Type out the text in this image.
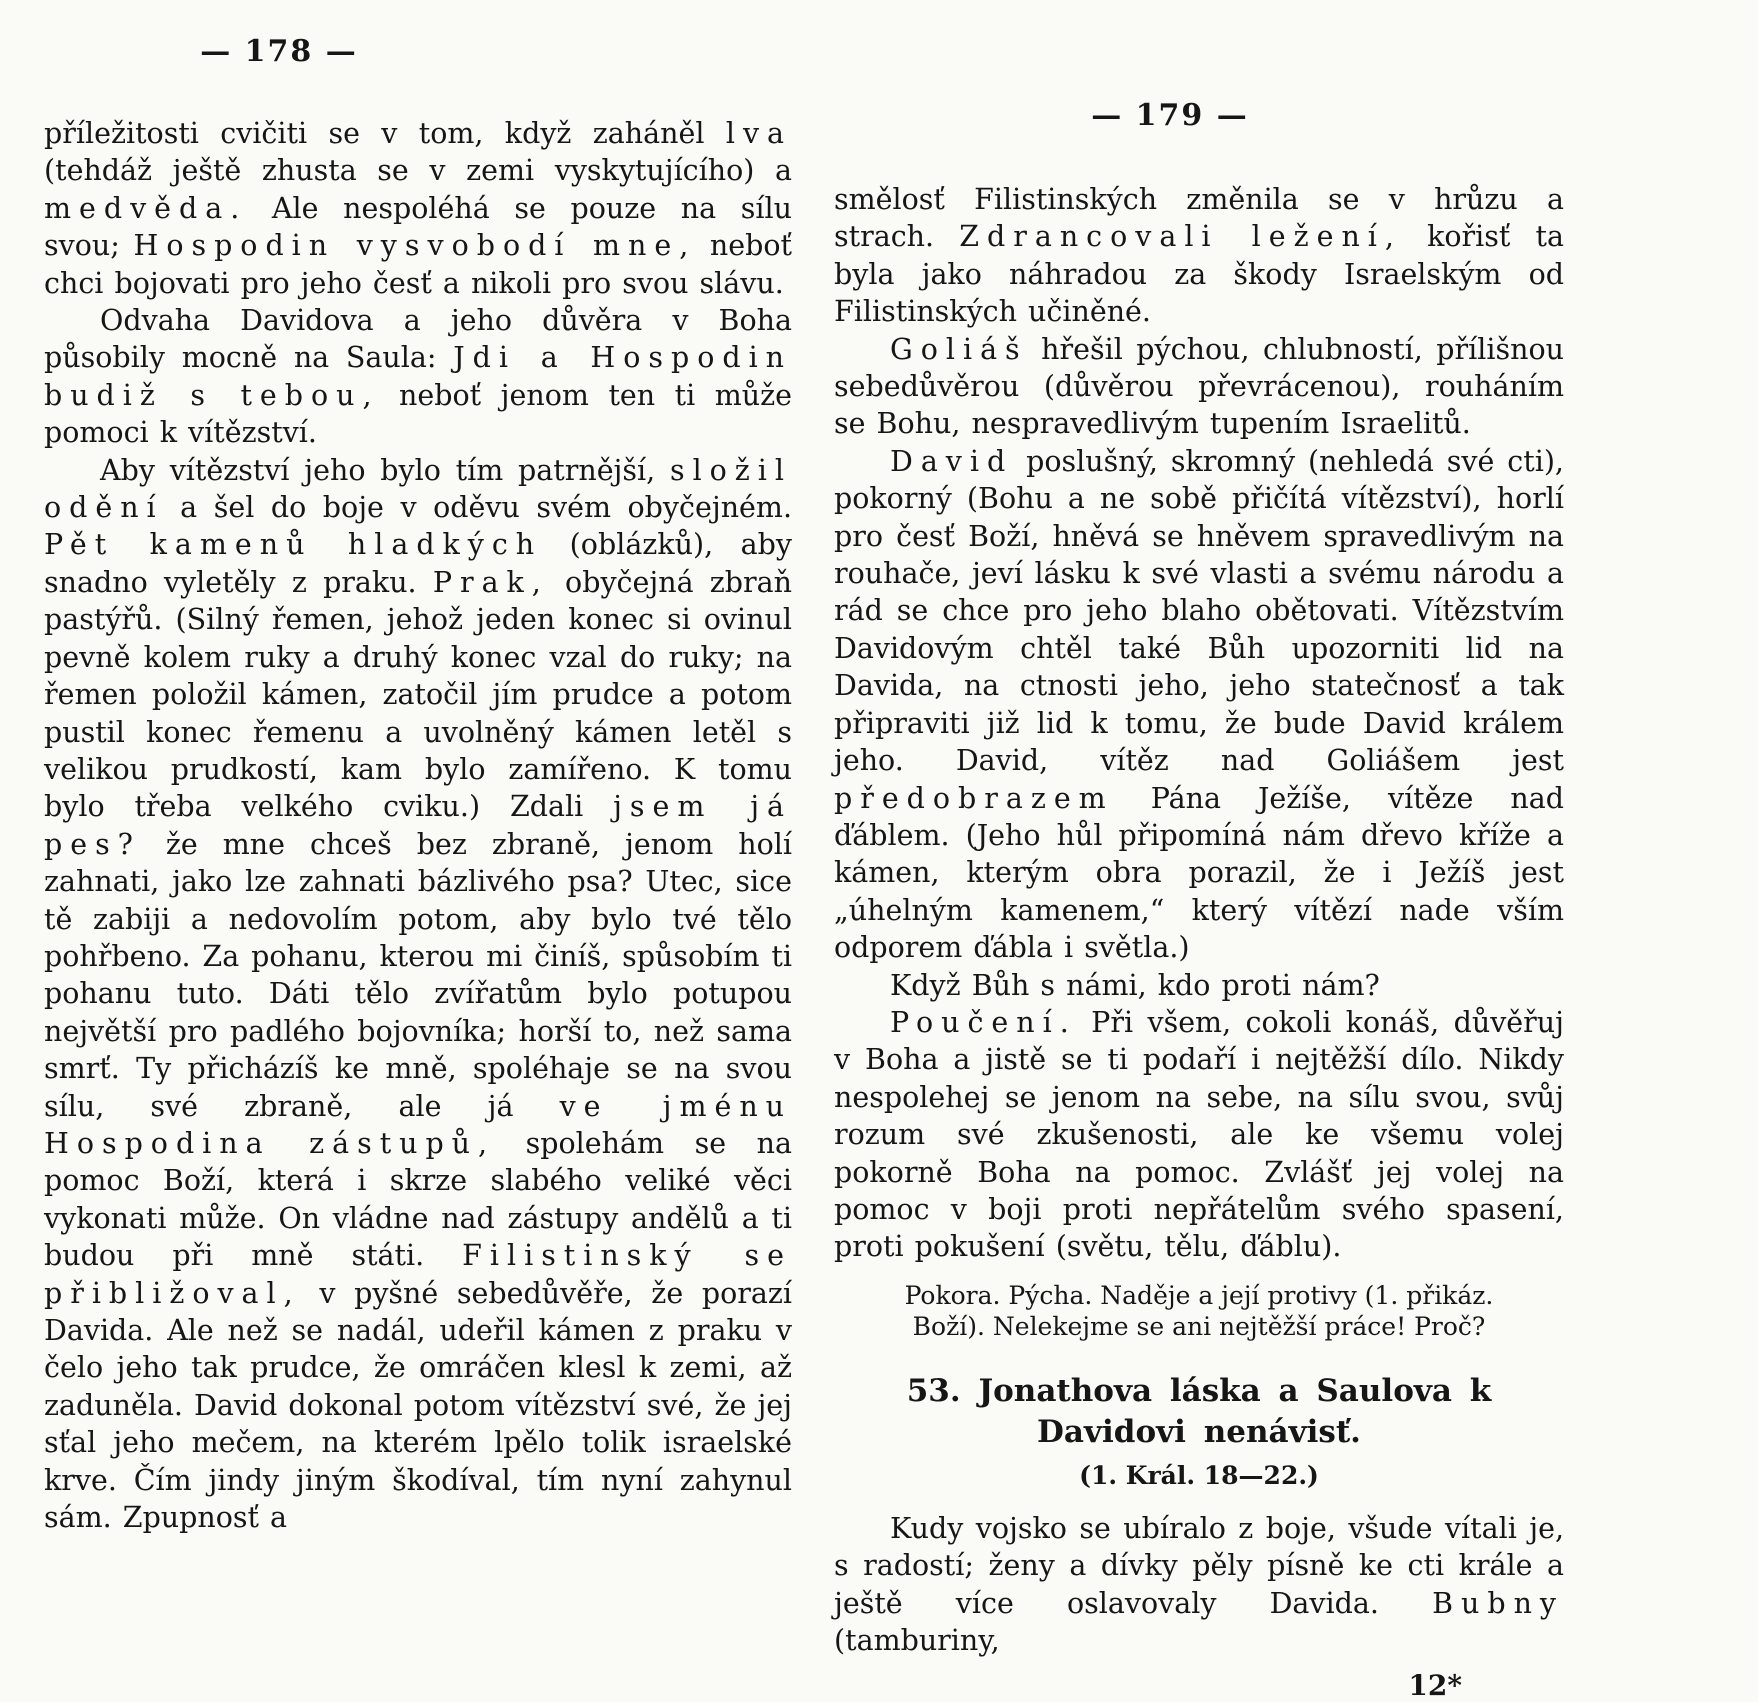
— 178 —

příležitosti cvičiti se v tom, když zaháněl lva (tehdáž ještě zhusta se v zemi vyskytujícího) a medvěda. Ale nespoléhá se pouze na sílu svou; Hospodin vysvobodí mne, neboť chci bojovati pro jeho česť a nikoli pro svou slávu.

Odvaha Davidova a jeho důvěra v Boha působily mocně na Saula: Jdi a Hospodin budiž s tebou, neboť jenom ten ti může pomoci k vítězství.

Aby vítězství jeho bylo tím patrnější, složil odění a šel do boje v oděvu svém obyčejném. Pět kamenů hladkých (oblázků), aby snadno vyletěly z praku. Prak, obyčejná zbraň pastýřů. (Silný řemen, jehož jeden konec si ovinul pevně kolem ruky a druhý konec vzal do ruky; na řemen položil kámen, zatočil jím prudce a potom pustil konec řemenu a uvolněný kámen letěl s velikou prudkostí, kam bylo zamířeno. K tomu bylo třeba velkého cviku.) Zdali jsem já pes? že mne chceš bez zbraně, jenom holí zahnati, jako lze zahnati bázlivého psa? Utec, sice tě zabiji a nedovolím potom, aby bylo tvé tělo pohřbeno. Za pohanu, kterou mi činíš, spůsobím ti pohanu tuto. Dáti tělo zvířatům bylo potupou největší pro padlého bojovníka; horší to, než sama smrť. Ty přicházíš ke mně, spoléhaje se na svou sílu, své zbraně, ale já ve jménu Hospodina zástupů, spolehám se na pomoc Boží, která i skrze slabého veliké věci vykonati může. On vládne nad zástupy andělů a ti budou při mně státi. Filistinský se přibližoval, v pyšné sebedůvěře, že porazí Davida. Ale než se nadál, udeřil kámen z praku v čelo jeho tak prudce, že omráčen klesl k zemi, až zaduněla. David dokonal potom vítězství své, že jej sťal jeho mečem, na kterém lpělo tolik israelské krve. Čím jindy jiným škodíval, tím nyní zahynul sám. Zpupnosť a

— 179 —

smělosť Filistinských změnila se v hrůzu a strach. Zdrancovali ležení, kořisť ta byla jako náhradou za škody Israelským od Filistinských učiněné.

Goliáš hřešil pýchou, chlubností, přílišnou sebedůvěrou (důvěrou převrácenou), rouháním se Bohu, nespravedlivým tupením Israelitů.

David poslušný, skromný (nehledá své cti), pokorný (Bohu a ne sobě přičítá vítězství), horlí pro česť Boží, hněvá se hněvem spravedlivým na rouhače, jeví lásku k své vlasti a svému národu a rád se chce pro jeho blaho obětovati. Vítězstvím Davidovým chtěl také Bůh upozorniti lid na Davida, na ctnosti jeho, jeho statečnosť a tak připraviti již lid k tomu, že bude David králem jeho. David, vítěz nad Goliášem jest předobrazem Pána Ježíše, vítěze nad ďáblem. (Jeho hůl připomíná nám dřevo kříže a kámen, kterým obra porazil, že i Ježíš jest „úhelným kamenem,“ který vítězí nade vším odporem ďábla i světla.)

Když Bůh s námi, kdo proti nám?

Poučení. Při všem, cokoli konáš, důvěřuj v Boha a jistě se ti podaří i nejtěžší dílo. Nikdy nespolehej se jenom na sebe, na sílu svou, svůj rozum své zkušenosti, ale ke všemu volej pokorně Boha na pomoc. Zvlášť jej volej na pomoc v boji proti nepřátelům svého spasení, proti pokušení (světu, tělu, ďáblu).

Pokora. Pýcha. Naděje a její protivy (1. přikáz.
Boží). Nelekejme se ani nejtěžší práce! Proč?

53. Jonathova láska a Saulova k Davidovi nenávisť.
(1. Král. 18—22.)

Kudy vojsko se ubíralo z boje, všude vítali je, s radostí; ženy a dívky pěly písně ke cti krále a ještě více oslavovaly Davida. Bubny (tamburiny,

12*
